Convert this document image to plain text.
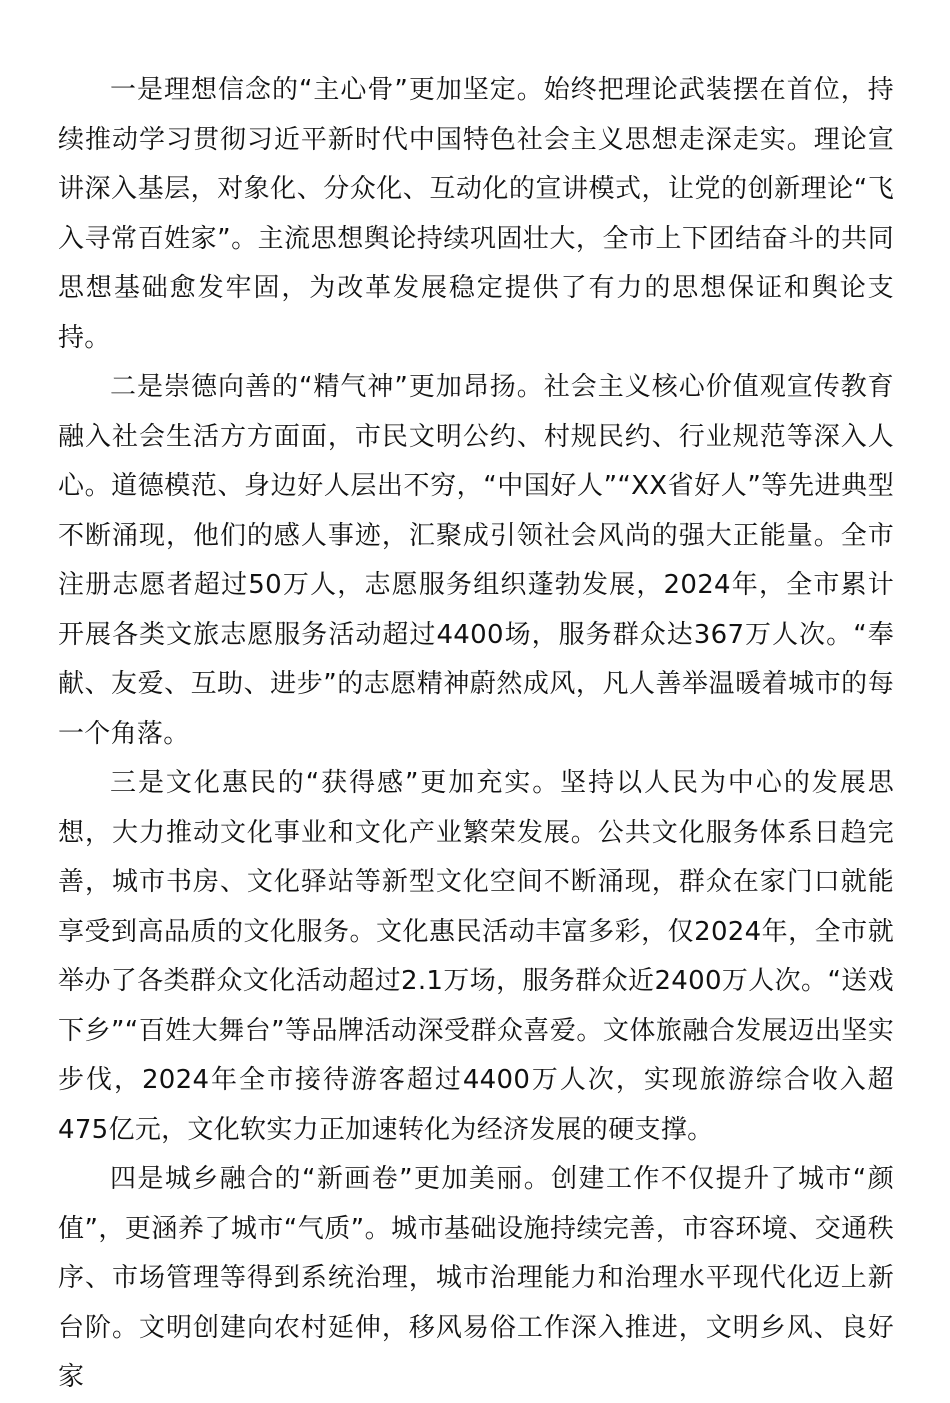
一是理想信念的“主心骨”更加坚定。始终把理论武装摆在首位，持续推动学习贯彻习近平新时代中国特色社会主义思想走深走实。理论宣讲深入基层，对象化、分众化、互动化的宣讲模式，让党的创新理论“飞入寻常百姓家”。主流思想舆论持续巩固壮大，全市上下团结奋斗的共同思想基础愈发牢固，为改革发展稳定提供了有力的思想保证和舆论支持。

二是崇德向善的“精气神”更加昂扬。社会主义核心价值观宣传教育融入社会生活方方面面，市民文明公约、村规民约、行业规范等深入人心。道德模范、身边好人层出不穷，“中国好人”“XX省好人”等先进典型不断涌现，他们的感人事迹，汇聚成引领社会风尚的强大正能量。全市注册志愿者超过50万人，志愿服务组织蓬勃发展，2024年，全市累计开展各类文旅志愿服务活动超过4400场，服务群众达367万人次。“奉献、友爱、互助、进步”的志愿精神蔚然成风，凡人善举温暖着城市的每一个角落。

三是文化惠民的“获得感”更加充实。坚持以人民为中心的发展思想，大力推动文化事业和文化产业繁荣发展。公共文化服务体系日趋完善，城市书房、文化驿站等新型文化空间不断涌现，群众在家门口就能享受到高品质的文化服务。文化惠民活动丰富多彩，仅2024年，全市就举办了各类群众文化活动超过2.1万场，服务群众近2400万人次。“送戏下乡”“百姓大舞台”等品牌活动深受群众喜爱。文体旅融合发展迈出坚实步伐，2024年全市接待游客超过4400万人次，实现旅游综合收入超475亿元，文化软实力正加速转化为经济发展的硬支撑。

四是城乡融合的“新画卷”更加美丽。创建工作不仅提升了城市“颜值”，更涵养了城市“气质”。城市基础设施持续完善，市容环境、交通秩序、市场管理等得到系统治理，城市治理能力和治理水平现代化迈上新台阶。文明创建向农村延伸，移风易俗工作深入推进，文明乡风、良好家
